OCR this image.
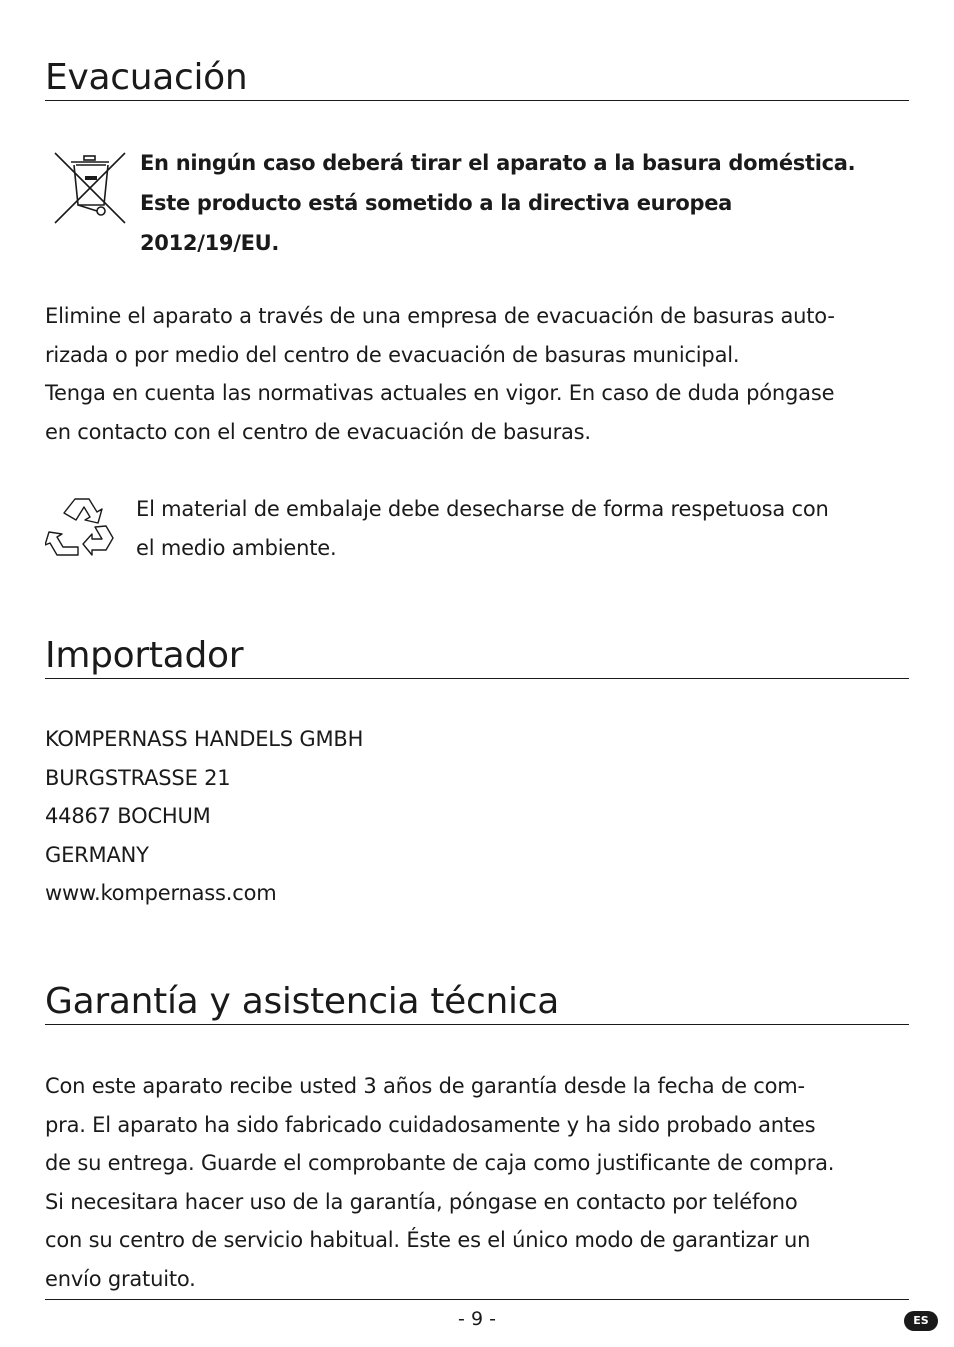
Evacuación
En ningún caso deberá tirar el aparato a la basura doméstica.
Este producto está sometido a la directiva europea
2012/19/EU.

Elimine el aparato a través de una empresa de evacuación de basuras auto-
rizada o por medio del centro de evacuación de basuras municipal.
Tenga en cuenta las normativas actuales en vigor. En caso de duda póngase
en contacto con el centro de evacuación de basuras.

El material de embalaje debe desecharse de forma respetuosa con
el medio ambiente.

Importador

KOMPERNASS HANDELS GMBH
BURGSTRASSE 21
44867 BOCHUM
GERMANY
www.kompernass.com

Garantía y asistencia técnica

Con este aparato recibe usted 3 años de garantía desde la fecha de com-
pra. El aparato ha sido fabricado cuidadosamente y ha sido probado antes
de su entrega. Guarde el comprobante de caja como justificante de compra.
Si necesitara hacer uso de la garantía, póngase en contacto por teléfono
con su centro de servicio habitual. Éste es el único modo de garantizar un
envío gratuito.

- 9 -	ES
